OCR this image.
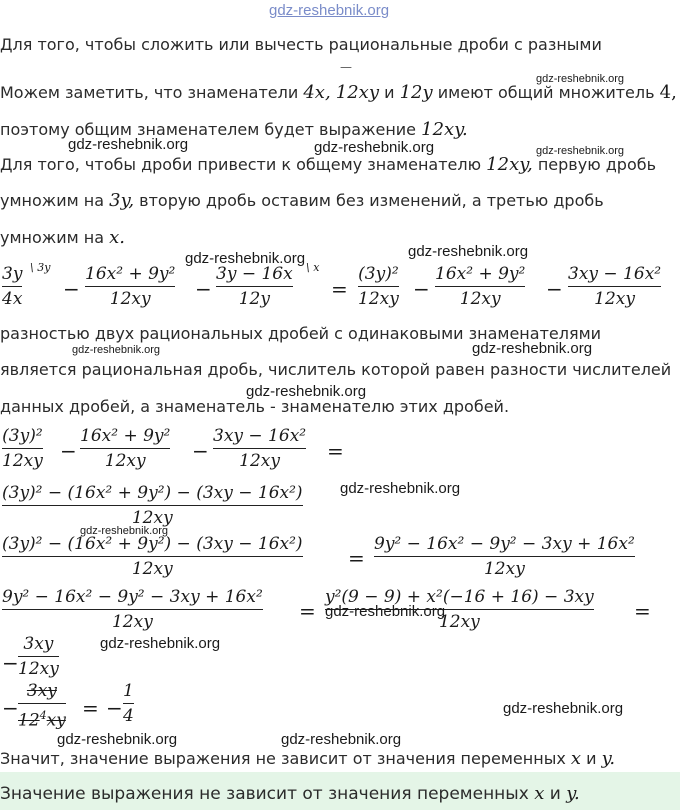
gdz-reshebnik.org
Для того, чтобы сложить или вычесть рациональные дроби с разными
—
Можем заметить, что знаменатели 4x, 12xy и 12y имеют общий множитель 4,
gdz-reshebnik.org
поэтому общим знаменателем будет выражение 12xy.
gdz-reshebnik.org	gdz-reshebnik.org	gdz-reshebnik.org
Для того, чтобы дроби привести к общему знаменателю 12xy, первую дробь
умножим на 3y, вторую дробь оставим без изменений, а третью дробь
умножим на x.
gdz-reshebnik.org	gdz-reshebnik.org
3y
4x
\ 3y
−
16x² + 9y²
12xy −
3y − 16x
12y
\ x
=
(3y)²
12xy −
16x² + 9y²
12xy −
3xy − 16x²
12xy
разностью двух рациональных дробей с одинаковыми знаменателями
gdz-reshebnik.org	gdz-reshebnik.org
является рациональная дробь, числитель которой равен разности числителей
gdz-reshebnik.org
данных дробей, а знаменатель - знаменателю этих дробей.
(3y)²
12xy −
16x² + 9y²
12xy −
3xy − 16x²
12xy =
(3y)² − (16x² + 9y²) − (3xy − 16x²)
12xy
gdz-reshebnik.org
gdz-reshebnik.org
(3y)² − (16x² + 9y²) − (3xy − 16x²)
12xy	=
9y² − 16x² − 9y² − 3xy + 16x²
12xy
9y² − 16x² − 9y² − 3xy + 16x²
12xy	=
y²(9 − 9) + x²(−16 + 16) − 3xy
12xy
gdz-reshebnik.org	=
−
3xy
12xy
gdz-reshebnik.org
−
3xy
$12^4xy$
= −
1
4	gdz-reshebnik.org
gdz-reshebnik.org	gdz-reshebnik.org
Значит, значение выражения не зависит от значения переменных x и y.
Значение выражения не зависит от значения переменных x и y.
